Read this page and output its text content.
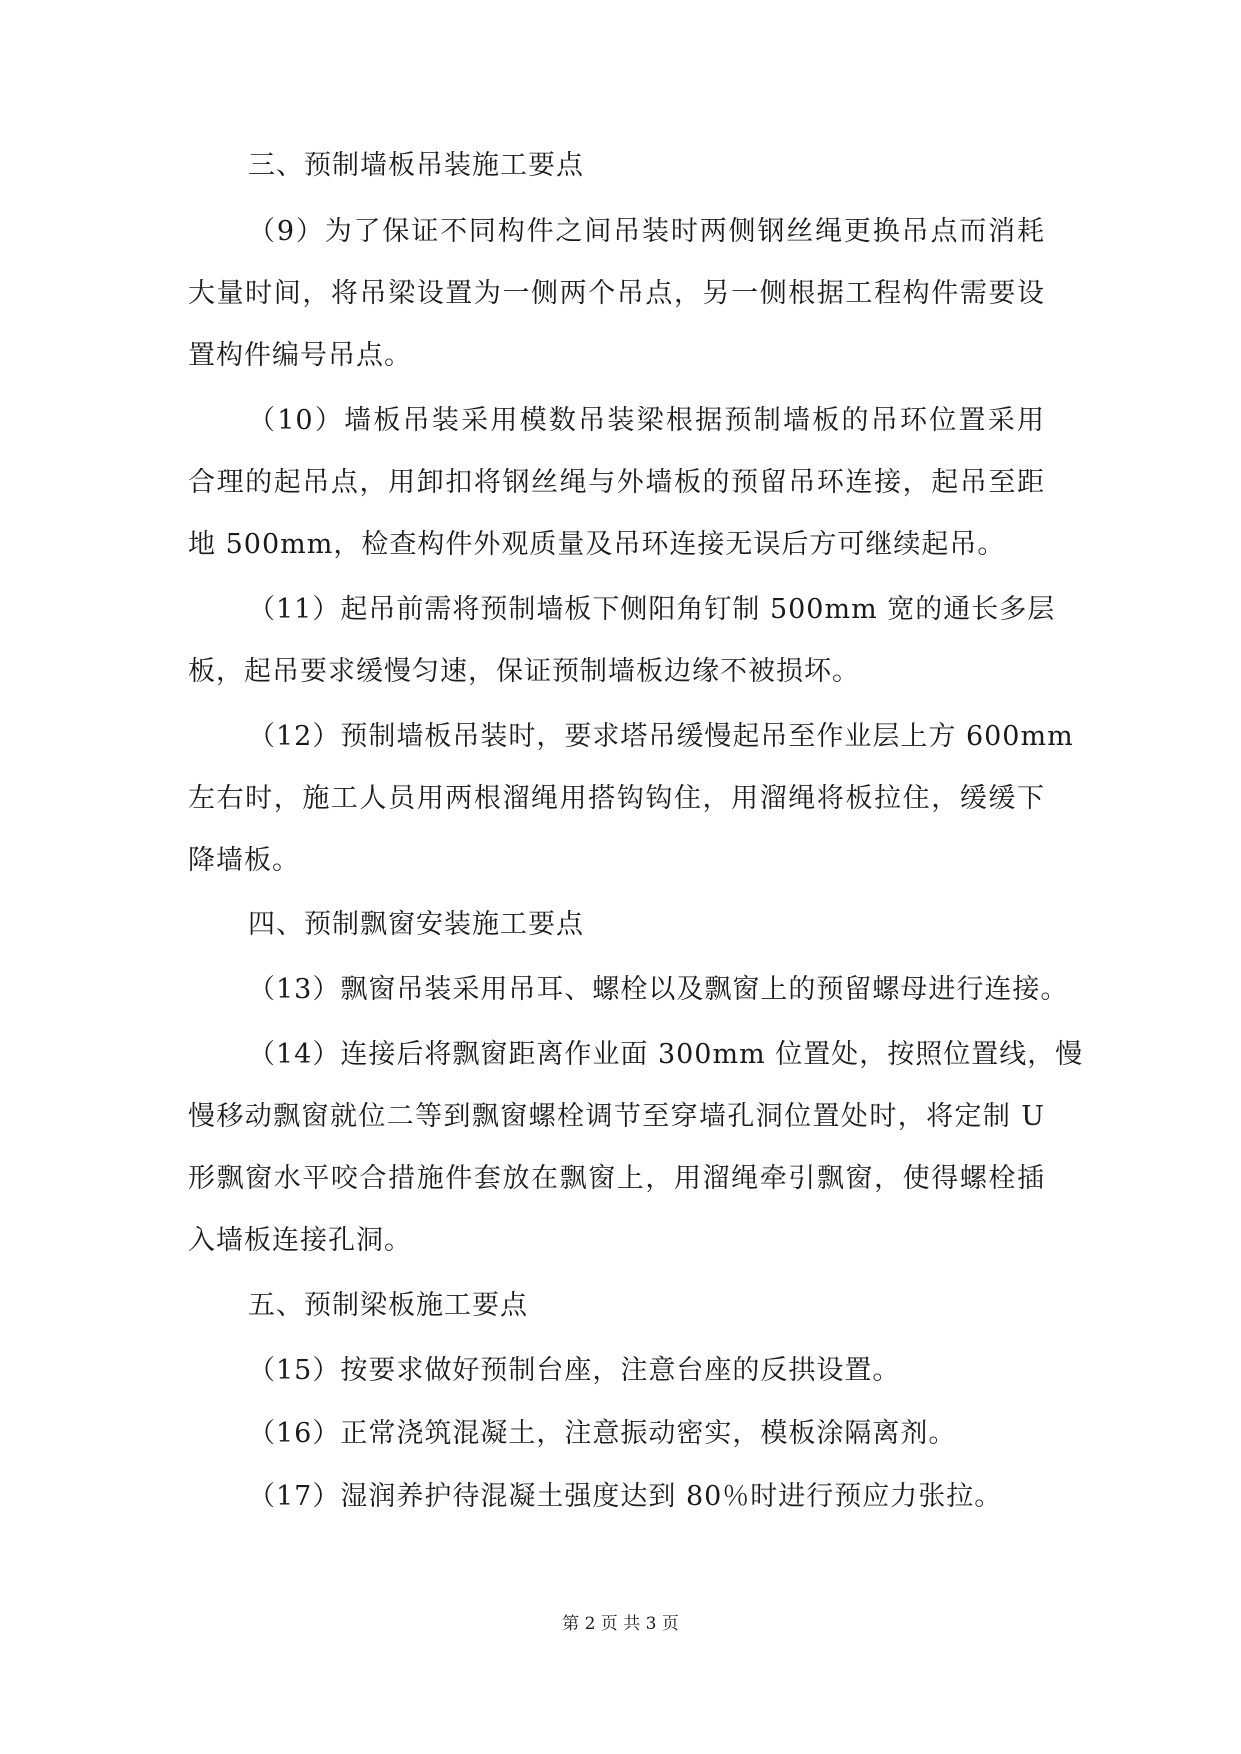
三、预制墙板吊装施工要点
（9）为了保证不同构件之间吊装时两侧钢丝绳更换吊点而消耗
大量时间，将吊梁设置为一侧两个吊点，另一侧根据工程构件需要设
置构件编号吊点。
（10）墙板吊装采用模数吊装梁根据预制墙板的吊环位置采用
合理的起吊点，用卸扣将钢丝绳与外墙板的预留吊环连接，起吊至距
地 500mm，检查构件外观质量及吊环连接无误后方可继续起吊。
（11）起吊前需将预制墙板下侧阳角钉制 500mm 宽的通长多层
板，起吊要求缓慢匀速，保证预制墙板边缘不被损坏。
（12）预制墙板吊装时，要求塔吊缓慢起吊至作业层上方 600mm
左右时，施工人员用两根溜绳用搭钩钩住，用溜绳将板拉住，缓缓下
降墙板。
四、预制飘窗安装施工要点
（13）飘窗吊装采用吊耳、螺栓以及飘窗上的预留螺母进行连接。
（14）连接后将飘窗距离作业面 300mm 位置处，按照位置线，慢
慢移动飘窗就位二等到飘窗螺栓调节至穿墙孔洞位置处时，将定制 U
形飘窗水平咬合措施件套放在飘窗上，用溜绳牵引飘窗，使得螺栓插
入墙板连接孔洞。
五、预制梁板施工要点
（15）按要求做好预制台座，注意台座的反拱设置。
（16）正常浇筑混凝土，注意振动密实，模板涂隔离剂。
（17）湿润养护待混凝土强度达到 80％时进行预应力张拉。
第 2 页 共 3 页
